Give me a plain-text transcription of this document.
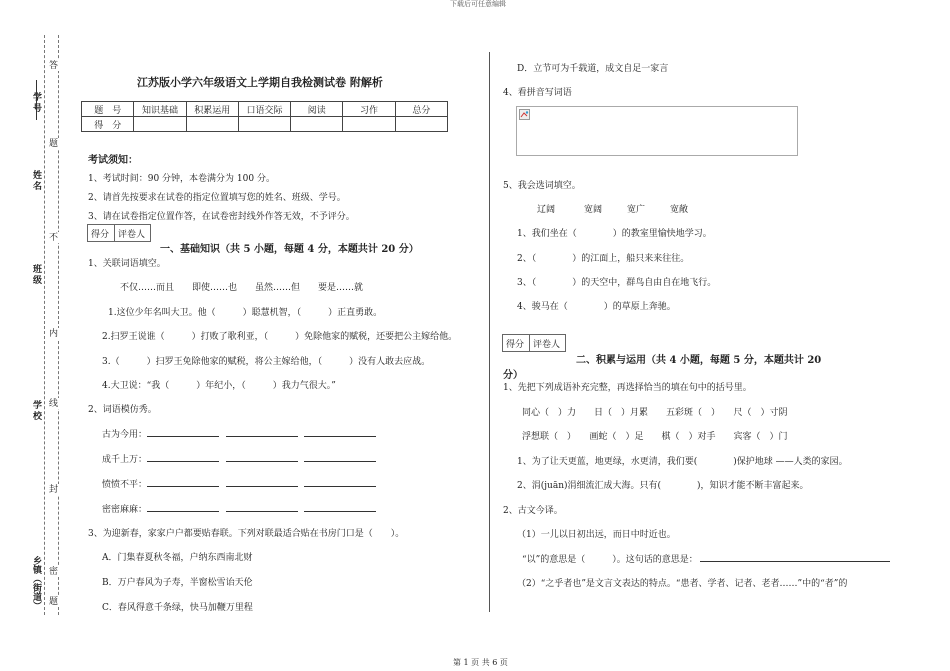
下载后可任意编辑
第 1 页 共 6 页
学号
姓名
班级
学校
乡镇（街道）
答
题
不
内
线
封
密
题
江苏版小学六年级语文上学期自我检测试卷 附解析
题　号	知识基础	积累运用	口语交际	阅读	习作	总分
得　分						
考试须知：
1、考试时间：90 分钟，本卷满分为 100 分。
2、请首先按要求在试卷的指定位置填写您的姓名、班级、学号。
3、请在试卷指定位置作答，在试卷密封线外作答无效，不予评分。
得分 评卷人
一、基础知识（共 5 小题，每题 4 分，本题共计 20 分）
1、关联词语填空。
不仅……而且　　即使……也　　虽然……但　　要是……就
1.这位少年名叫大卫。他（　　　）聪慧机智，（　　　）正直勇敢。
2.扫罗王说谁（　　　）打败了歌利亚，（　　　）免除他家的赋税，还要把公主嫁给他。
3.（　　　）扫罗王免除他家的赋税，将公主嫁给他，（　　　）没有人敢去应战。
4.大卫说：“我（　　　）年纪小，（　　　）我力气很大。”
2、词语模仿秀。
古为今用：
成千上万：
愤愤不平：
密密麻麻：
3、为迎新春，家家户户都要贴春联。下列对联最适合贴在书房门口是（　　）。
A．门集春夏秋冬福，户纳东西南北财
B．万户春风为子寿，半窗松雪诒天伦
C．春风得意千条绿，快马加鞭万里程
D．立节可为千载道，成文自足一家言
4、看拼音写词语
5、我会选词填空。
辽阔	宽阔	宽广	宽敞
1、我们坐在（　　　　）的教室里愉快地学习。
2、（　　　　）的江面上，船只来来往往。
3、（　　　　）的天空中，群鸟自由自在地飞行。
4、骏马在（　　　　）的草原上奔驰。
得分 评卷人
二、积累与运用（共 4 小题，每题 5 分，本题共计 20
分）
1、先把下列成语补充完整，再选择恰当的填在句中的括号里。
同心（　）力　　日（　）月累　　五彩斑（　）　　尺（　）寸阴
浮想联（　）　　画蛇（　）足　　棋（　）对手　　宾客（　）门
1、为了让天更蓝，地更绿，水更清，我们要(　　　　)保护地球 ——人类的家园。
2、涓(juān)涓细流汇成大海。只有(　　　　)，知识才能不断丰富起来。
2、古文今译。
（1）一儿以日初出远，而日中时近也。
“以”的意思是（　　　）。这句话的意思是：
（2）“之乎者也”是文言文表达的特点。“患者、学者、记者、老者……”中的“者”的
